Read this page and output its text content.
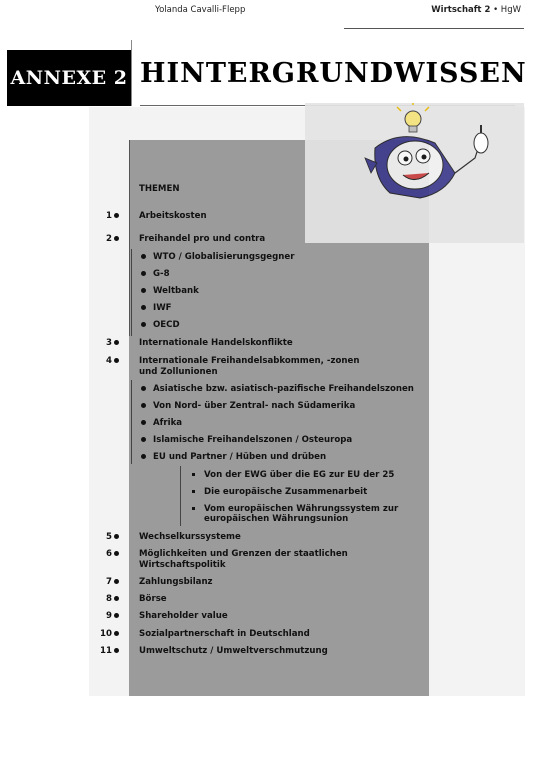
Yolanda Cavalli-Flepp	Wirtschaft 2 • HgW
ANNEXE 2 HINTERGRUNDWISSEN
THEMEN
1	Arbeitskosten
2	Freihandel pro und contra
WTO / Globalisierungsgegner
G-8
Weltbank
IWF
OECD
3	Internationale Handelskonflikte
4	Internationale Freihandelsabkommen, -zonen
und Zollunionen
Asiatische bzw. asiatisch-pazifische Freihandelszonen
Von Nord- über Zentral- nach Südamerika
Afrika
Islamische Freihandelszonen / Osteuropa
EU und Partner / Hüben und drüben
Von der EWG über die EG zur EU der 25
Die europäische Zusammenarbeit
Vom europäischen Währungssystem zur
europäischen Währungsunion
5	Wechselkurssysteme
6	Möglichkeiten und Grenzen der staatlichen
Wirtschaftspolitik
7	Zahlungsbilanz
8	Börse
9	Shareholder value
10	Sozialpartnerschaft in Deutschland
11	Umweltschutz / Umweltverschmutzung
